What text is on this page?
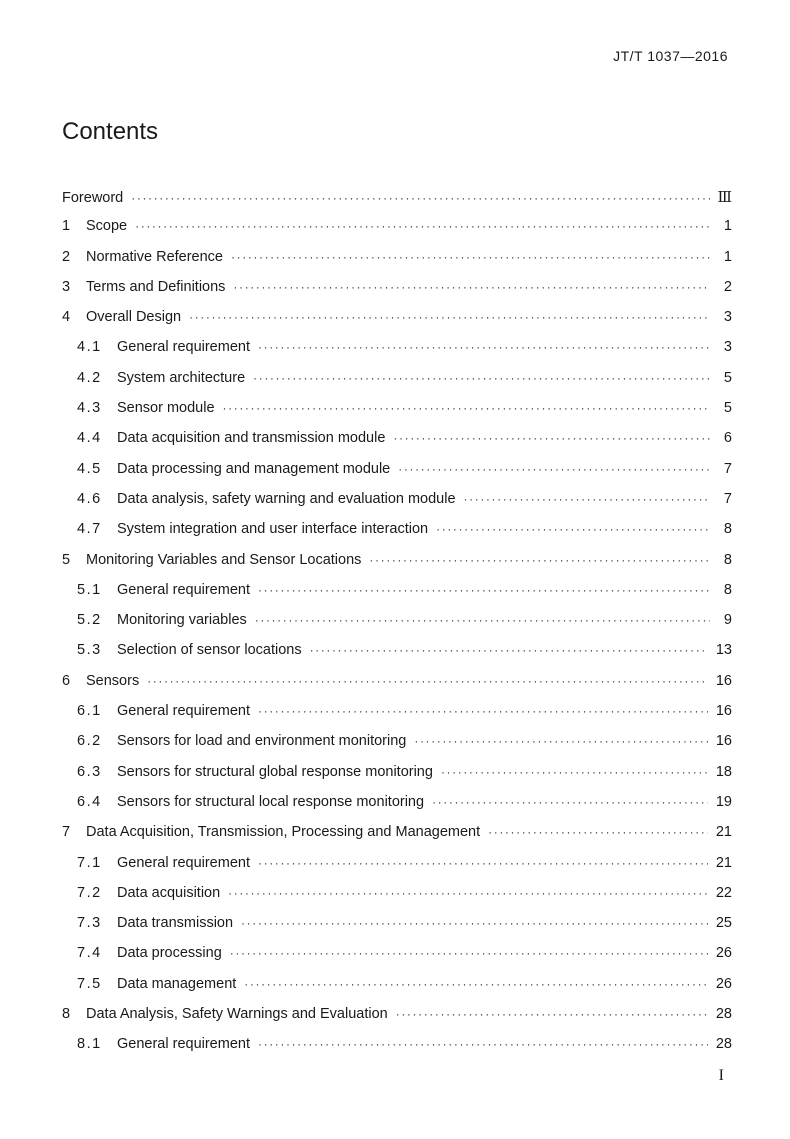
JT/T 1037—2016
Contents
Foreword ·····	Ⅲ
1	Scope ·····	1
2	Normative Reference ·····	1
3	Terms and Definitions ·····	2
4	Overall Design ·····	3
4.1	General requirement ·····	3
4.2	System architecture ·····	5
4.3	Sensor module ·····	5
4.4	Data acquisition and transmission module ·····	6
4.5	Data processing and management module ·····	7
4.6	Data analysis, safety warning and evaluation module ·····	7
4.7	System integration and user interface interaction ·····	8
5	Monitoring Variables and Sensor Locations ·····	8
5.1	General requirement ·····	8
5.2	Monitoring variables ·····	9
5.3	Selection of sensor locations ·····	13
6	Sensors ·····	16
6.1	General requirement ·····	16
6.2	Sensors for load and environment monitoring ·····	16
6.3	Sensors for structural global response monitoring ·····	18
6.4	Sensors for structural local response monitoring ·····	19
7	Data Acquisition, Transmission, Processing and Management ·····	21
7.1	General requirement ·····	21
7.2	Data acquisition ·····	22
7.3	Data transmission ·····	25
7.4	Data processing ·····	26
7.5	Data management ·····	26
8	Data Analysis, Safety Warnings and Evaluation ·····	28
8.1	General requirement ·····	28
I
